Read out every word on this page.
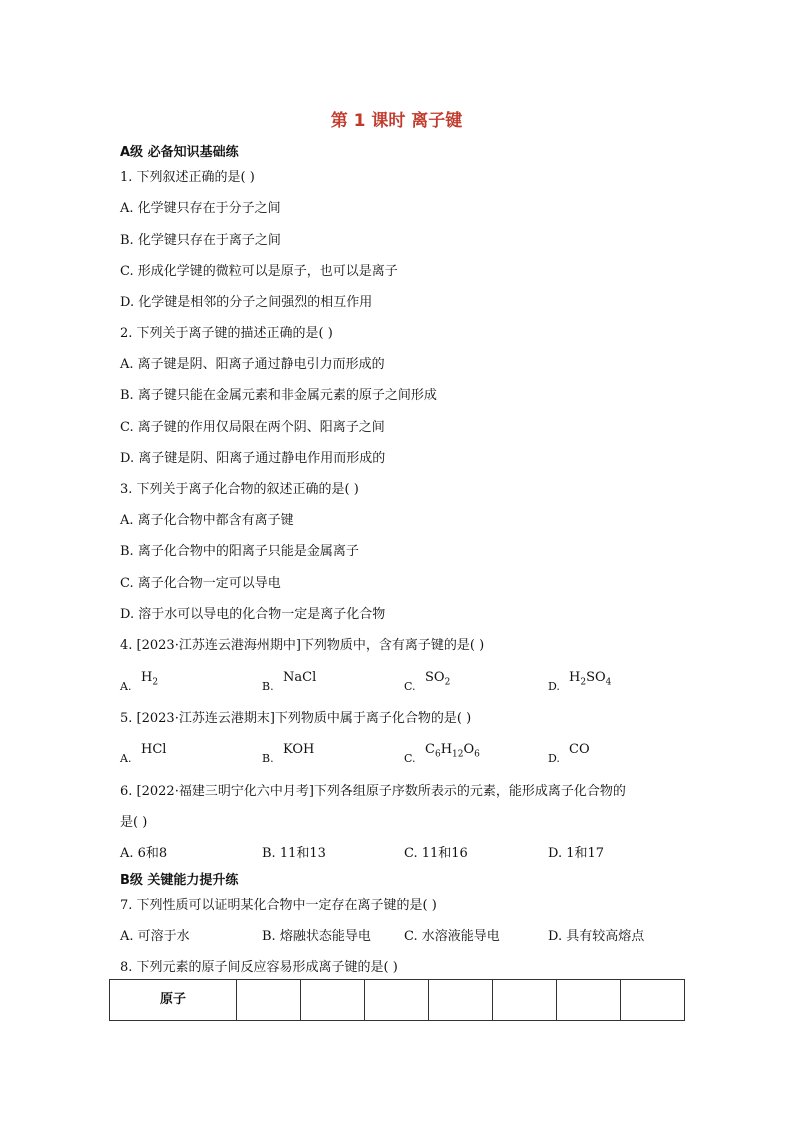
第 1 课时 离子键
A级 必备知识基础练
1. 下列叙述正确的是( )
A. 化学键只存在于分子之间
B. 化学键只存在于离子之间
C. 形成化学键的微粒可以是原子，也可以是离子
D. 化学键是相邻的分子之间强烈的相互作用
2. 下列关于离子键的描述正确的是( )
A. 离子键是阴、阳离子通过静电引力而形成的
B. 离子键只能在金属元素和非金属元素的原子之间形成
C. 离子键的作用仅局限在两个阴、阳离子之间
D. 离子键是阴、阳离子通过静电作用而形成的
3. 下列关于离子化合物的叙述正确的是( )
A. 离子化合物中都含有离子键
B. 离子化合物中的阳离子只能是金属离子
C. 离子化合物一定可以导电
D. 溶于水可以导电的化合物一定是离子化合物
4. [2023·江苏连云港海州期中]下列物质中，含有离子键的是( )
A.
$H_2$	B.
NaCl
C.
$SO_2$	D.
$H_2SO_4$
5. [2023·江苏连云港期末]下列物质中属于离子化合物的是( )
A.
HCl
B.
KOH
C.
$C_6H_{12}O_6$	D.
CO
6. [2022·福建三明宁化六中月考]下列各组原子序数所表示的元素，能形成离子化合物的
是( )
A. 6和8	B. 11和13	C. 11和16	D. 1和17
B级 关键能力提升练
7. 下列性质可以证明某化合物中一定存在离子键的是( )
A. 可溶于水	B. 熔融状态能导电	C. 水溶液能导电	D. 具有较高熔点
8. 下列元素的原子间反应容易形成离子键的是( )
原子							
